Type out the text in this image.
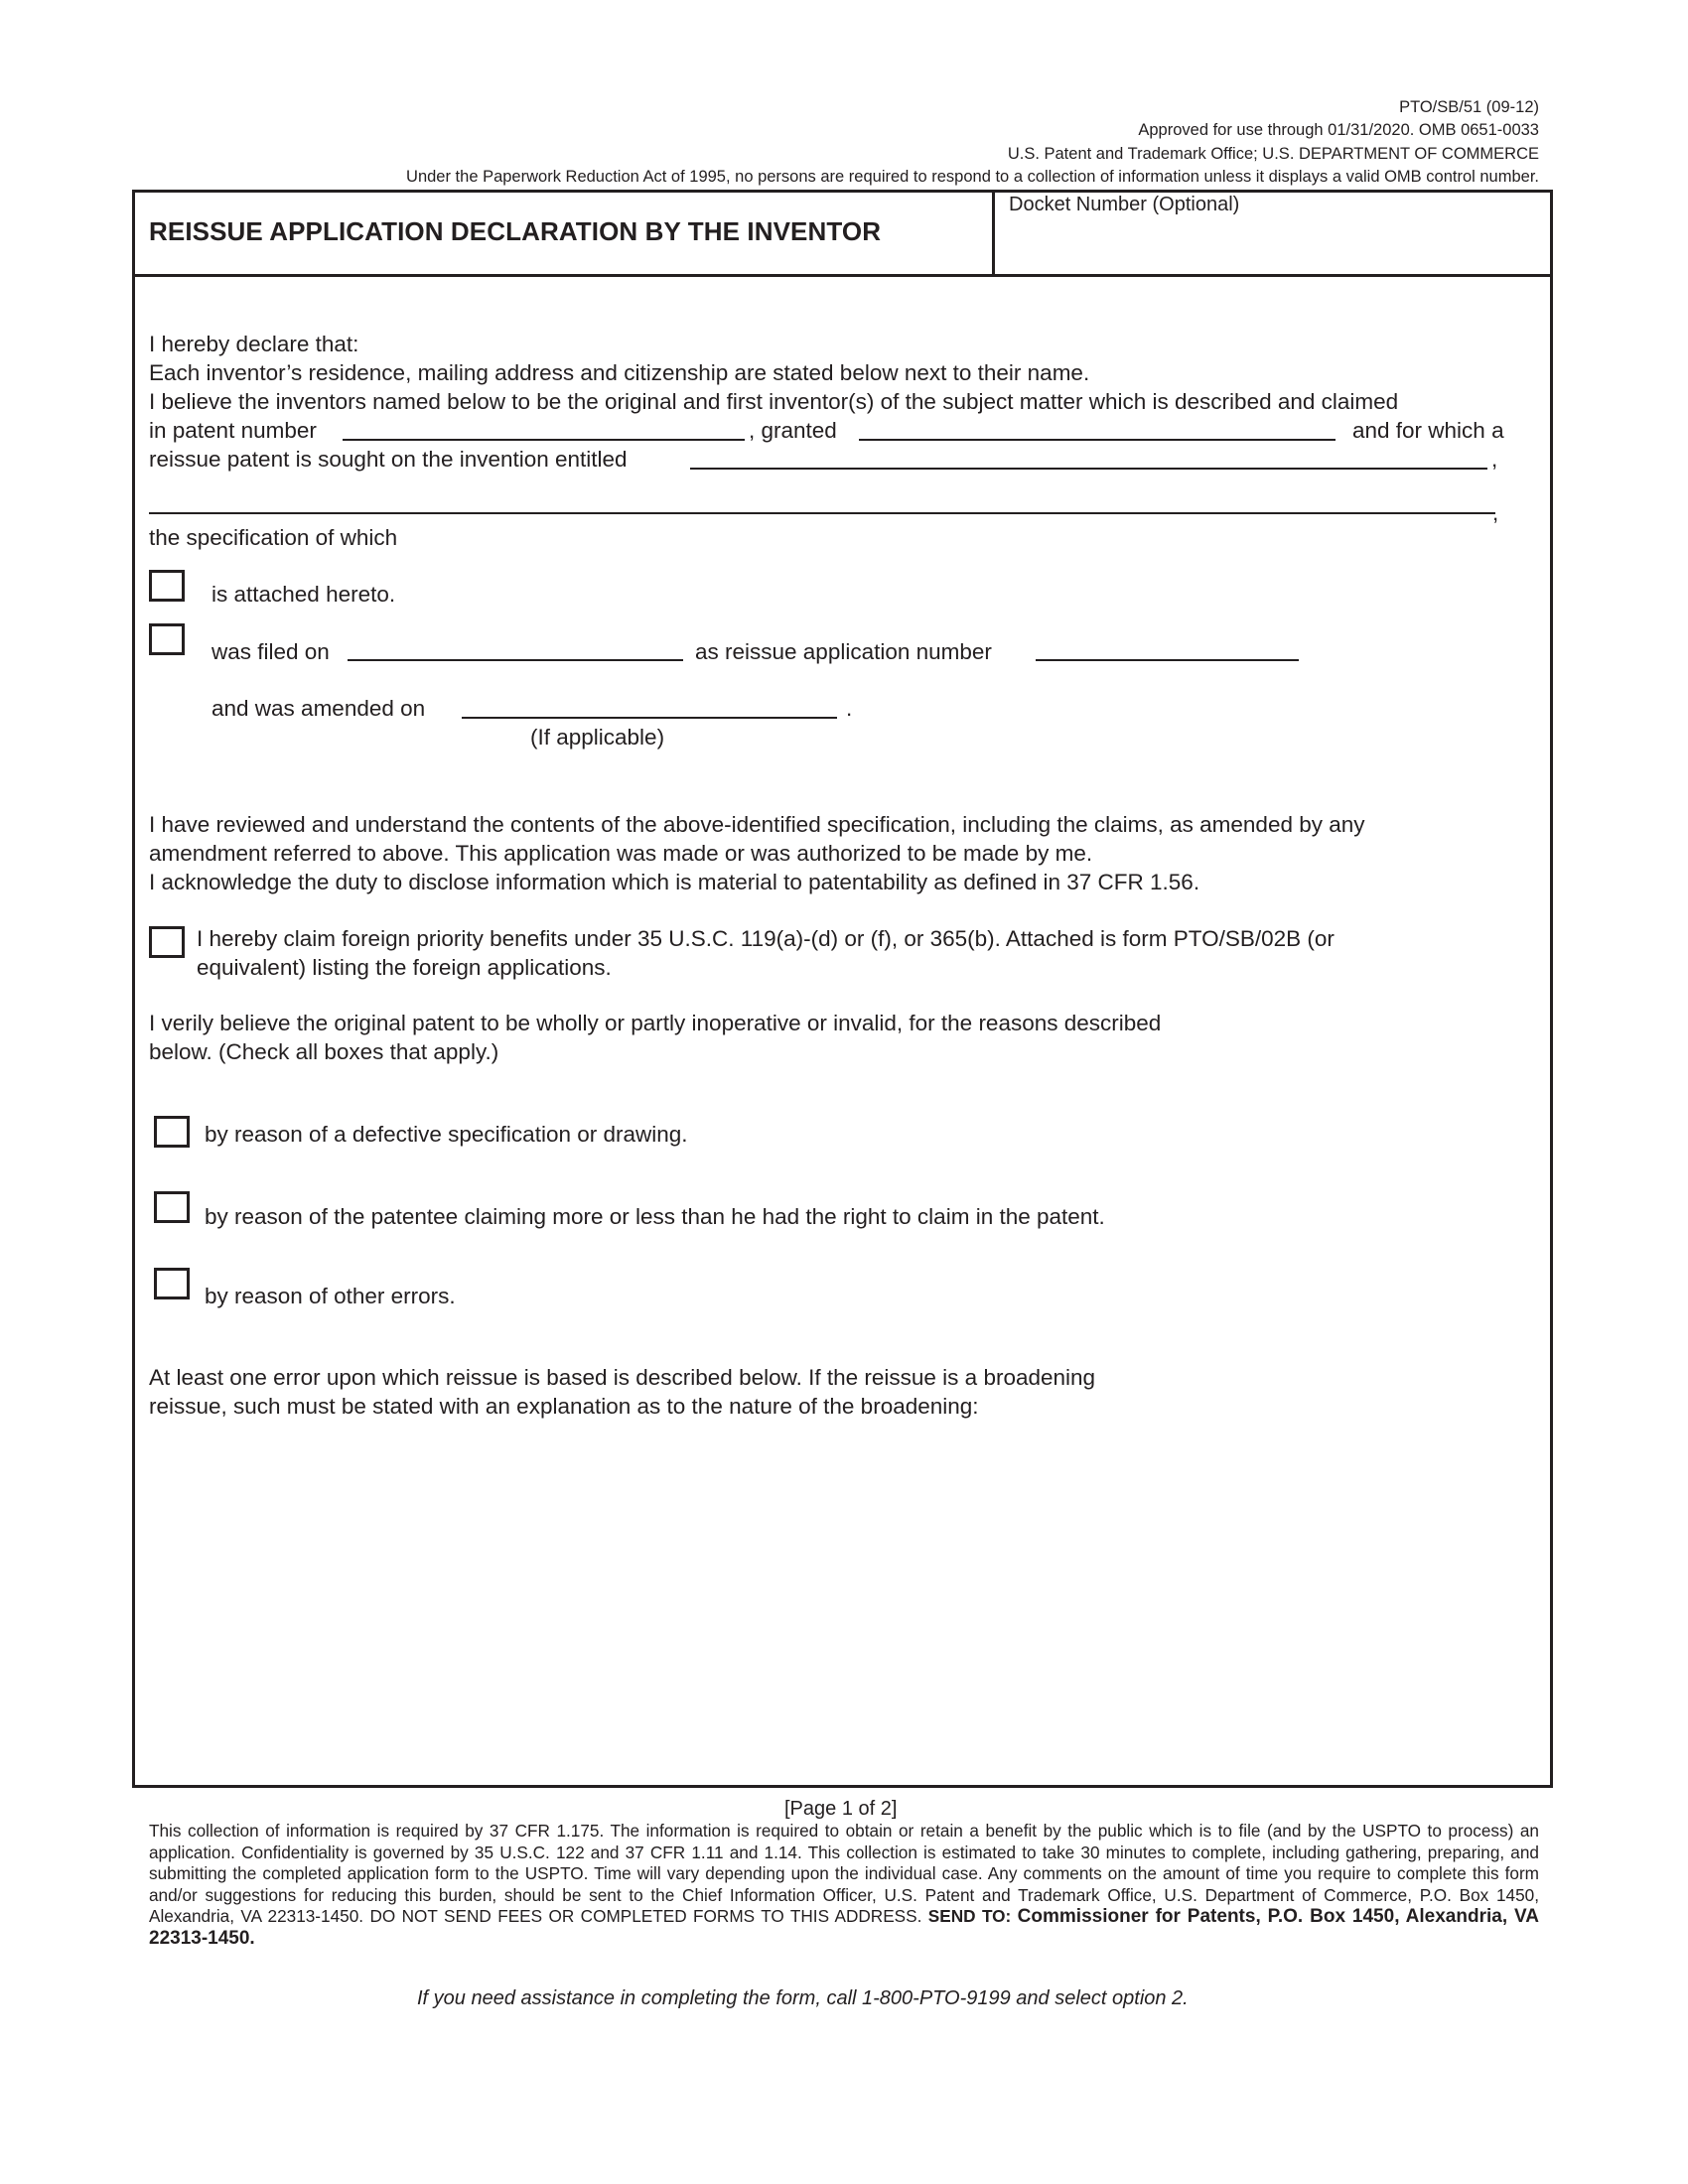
PTO/SB/51 (09-12)
Approved for use through 01/31/2020. OMB 0651-0033
U.S. Patent and Trademark Office; U.S. DEPARTMENT OF COMMERCE
Under the Paperwork Reduction Act of 1995, no persons are required to respond to a collection of information unless it displays a valid OMB control number.
REISSUE APPLICATION DECLARATION BY THE INVENTOR
Docket Number (Optional)
I hereby declare that:
Each inventor’s residence, mailing address and citizenship are stated below next to their name.
I believe the inventors named below to be the original and first inventor(s) of the subject matter which is described and claimed
in patent number	, granted	and for which a
reissue patent is sought on the invention entitled	,
,
the specification of which
is attached hereto.
was filed on	as reissue application number
and was amended on	.
(If applicable)
I have reviewed and understand the contents of the above-identified specification, including the claims, as amended by any
amendment referred to above. This application was made or was authorized to be made by me.
I acknowledge the duty to disclose information which is material to patentability as defined in 37 CFR 1.56.
I hereby claim foreign priority benefits under 35 U.S.C. 119(a)-(d) or (f), or 365(b). Attached is form PTO/SB/02B (or
equivalent) listing the foreign applications.
I verily believe the original patent to be wholly or partly inoperative or invalid, for the reasons described
below. (Check all boxes that apply.)
by reason of a defective specification or drawing.
by reason of the patentee claiming more or less than he had the right to claim in the patent.
by reason of other errors.
At least one error upon which reissue is based is described below. If the reissue is a broadening
reissue, such must be stated with an explanation as to the nature of the broadening:
[Page 1 of 2]
This collection of information is required by 37 CFR 1.175. The information is required to obtain or retain a benefit by the public which is to file (and by the USPTO to process) an application. Confidentiality is governed by 35 U.S.C. 122 and 37 CFR 1.11 and 1.14. This collection is estimated to take 30 minutes to complete, including gathering, preparing, and submitting the completed application form to the USPTO. Time will vary depending upon the individual case. Any comments on the amount of time you require to complete this form and/or suggestions for reducing this burden, should be sent to the Chief Information Officer, U.S. Patent and Trademark Office, U.S. Department of Commerce, P.O. Box 1450, Alexandria, VA 22313-1450. DO NOT SEND FEES OR COMPLETED FORMS TO THIS ADDRESS. SEND TO: Commissioner for Patents, P.O. Box 1450, Alexandria, VA 22313-1450.
If you need assistance in completing the form, call 1-800-PTO-9199 and select option 2.
